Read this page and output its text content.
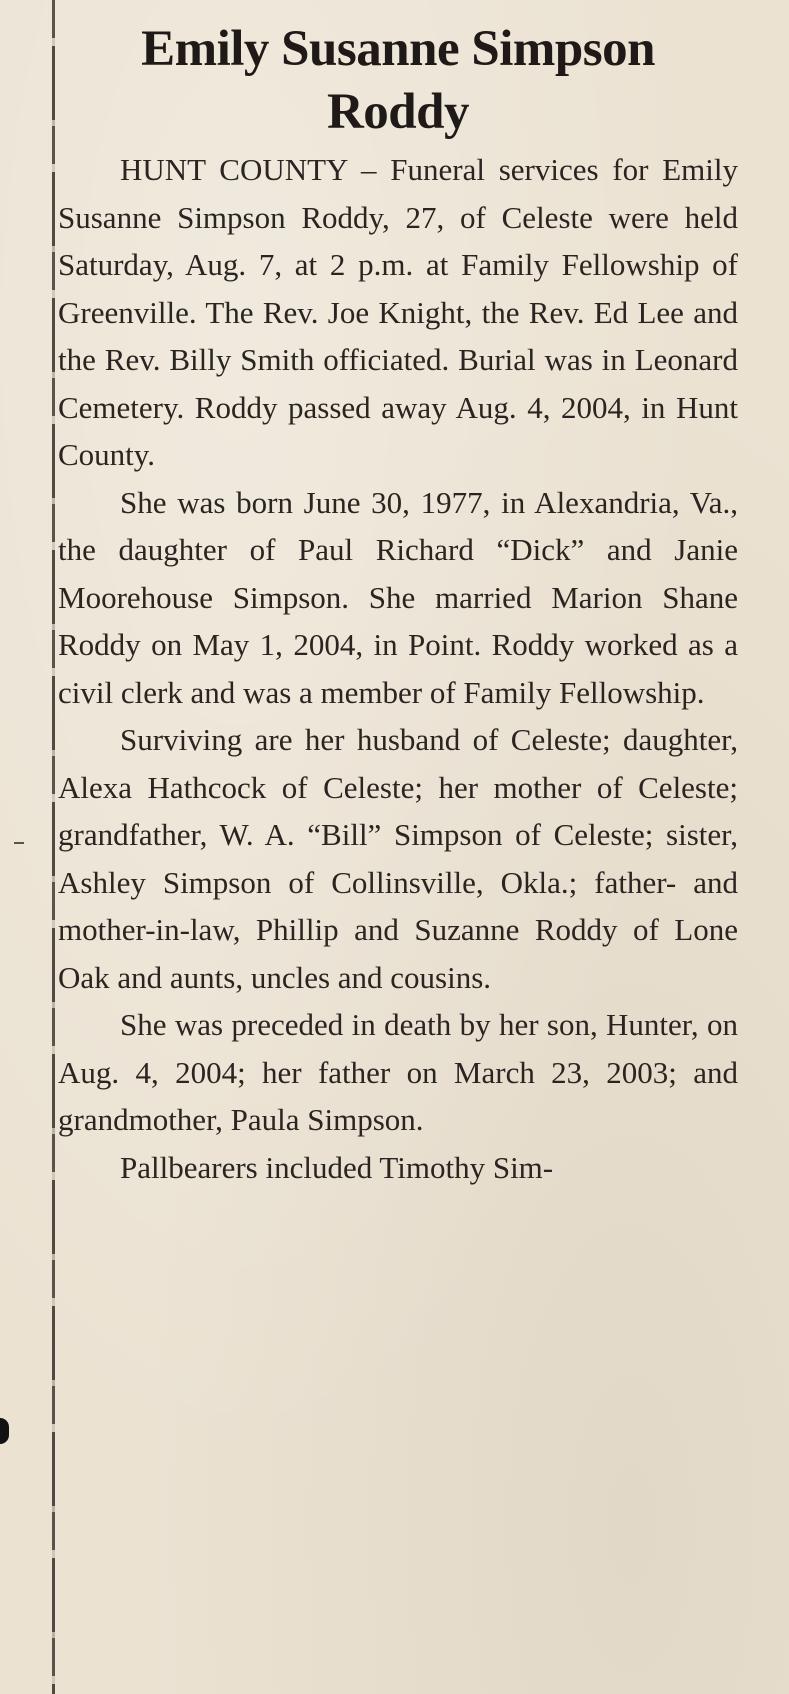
Emily Susanne Simpson
Roddy

HUNT COUNTY – Funeral services for Emily Susanne Simpson Roddy, 27, of Celeste were held Saturday, Aug. 7, at 2 p.m. at Family Fellowship of Greenville. The Rev. Joe Knight, the Rev. Ed Lee and the Rev. Billy Smith officiated. Burial was in Leonard Cemetery. Roddy passed away Aug. 4, 2004, in Hunt County.

She was born June 30, 1977, in Alexandria, Va., the daughter of Paul Richard “Dick” and Janie Moorehouse Simpson. She married Marion Shane Roddy on May 1, 2004, in Point. Roddy worked as a civil clerk and was a member of Family Fellowship.

Surviving are her husband of Celeste; daughter, Alexa Hathcock of Celeste; her mother of Celeste; grandfather, W. A. “Bill” Simpson of Celeste; sister, Ashley Simpson of Collinsville, Okla.; father- and mother-in-law, Phillip and Suzanne Roddy of Lone Oak and aunts, uncles and cousins.

She was preceded in death by her son, Hunter, on Aug. 4, 2004; her father on March 23, 2003; and grandmother, Paula Simpson.

Pallbearers included Timothy Sim-
